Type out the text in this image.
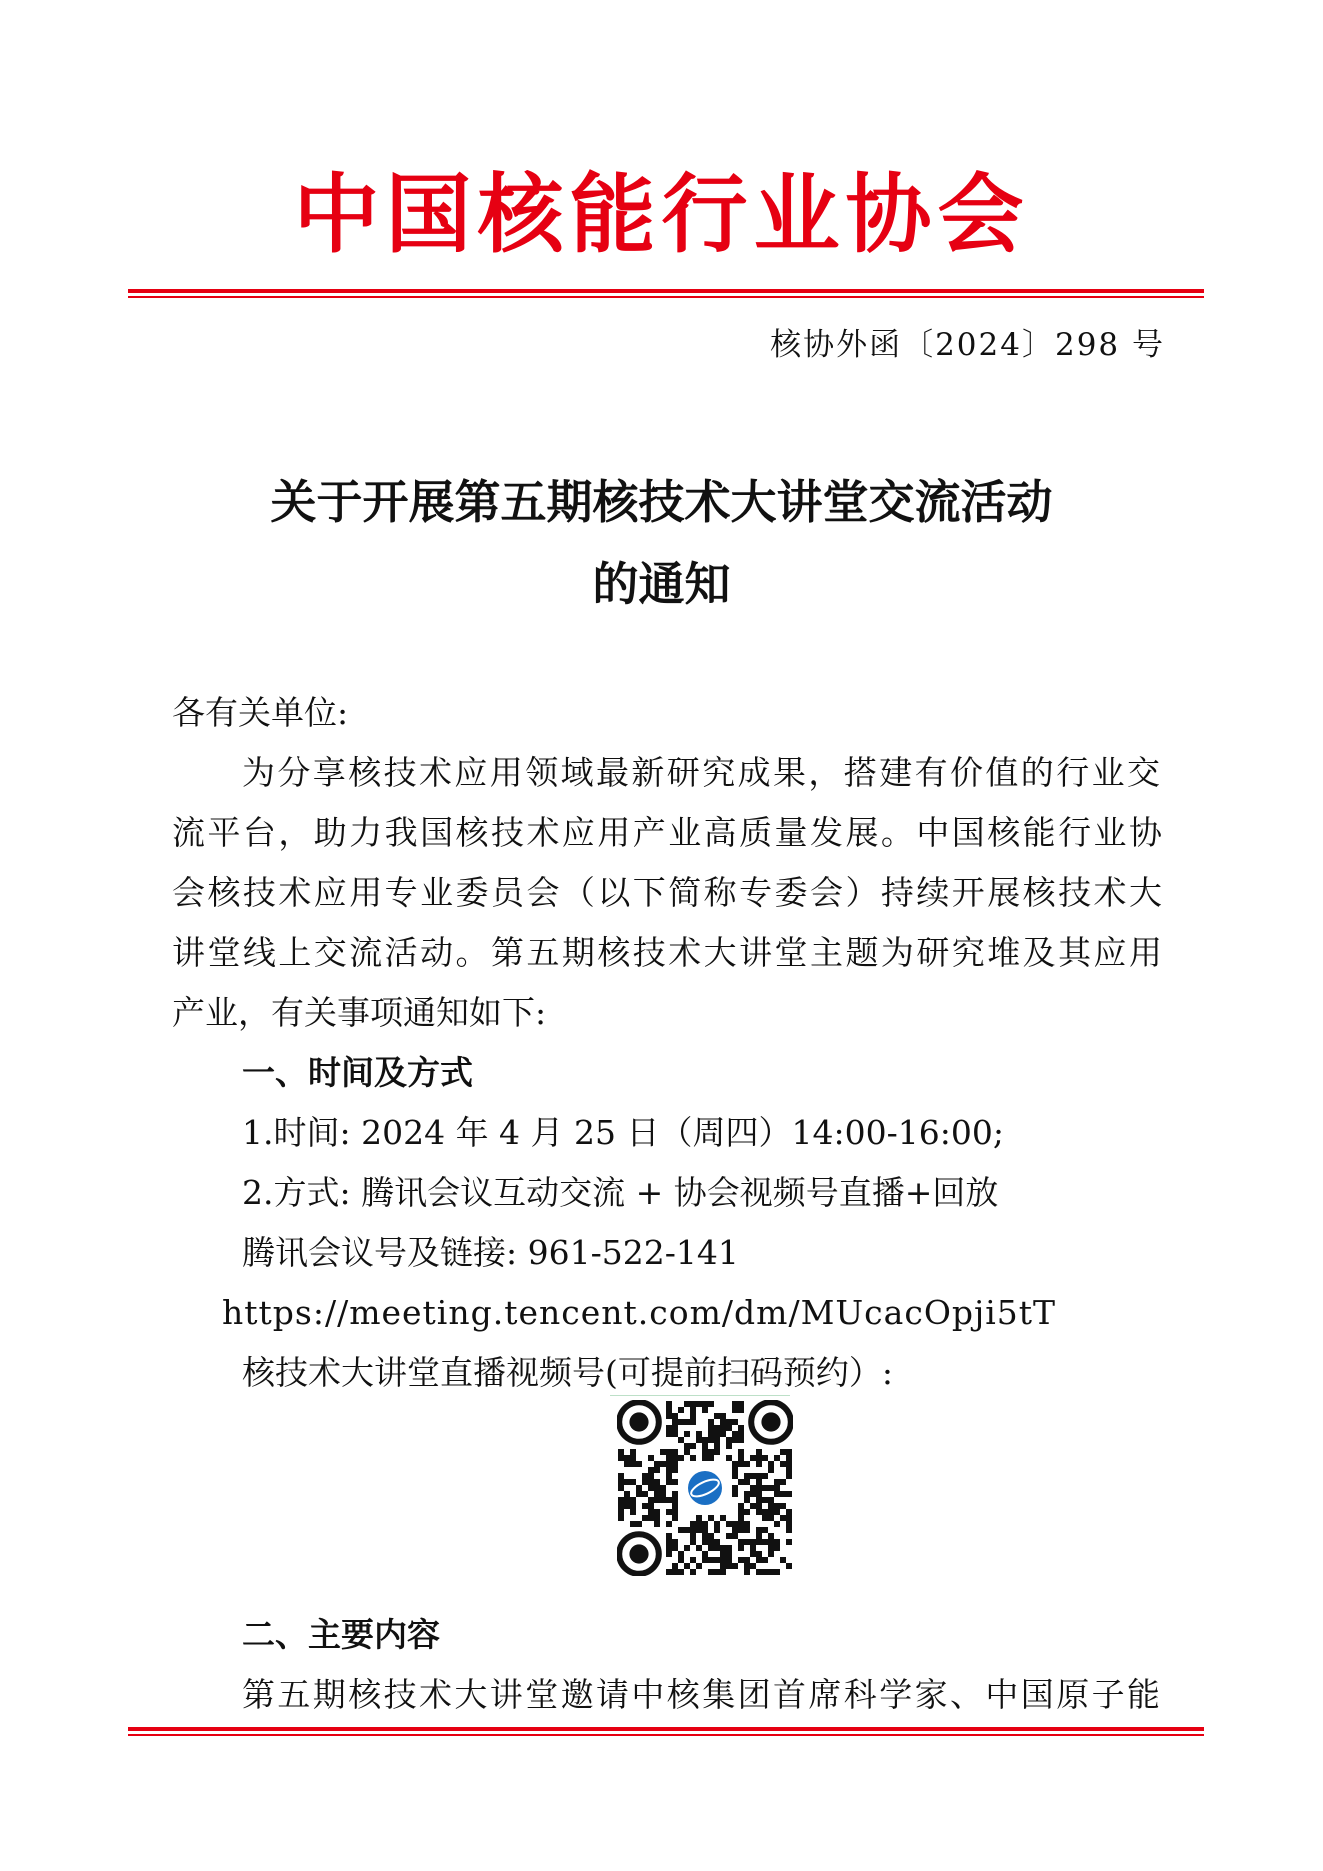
中国核能行业协会
核协外函〔2024〕298 号
关于开展第五期核技术大讲堂交流活动
的通知
各有关单位:
为分享核技术应用领域最新研究成果，搭建有价值的行业交
流平台，助力我国核技术应用产业高质量发展。中国核能行业协
会核技术应用专业委员会（以下简称专委会）持续开展核技术大
讲堂线上交流活动。第五期核技术大讲堂主题为研究堆及其应用
产业，有关事项通知如下:
一、时间及方式
1.时间: 2024 年 4 月 25 日（周四）14:00-16:00;
2.方式: 腾讯会议互动交流 + 协会视频号直播+回放
腾讯会议号及链接: 961-522-141
https://meeting.tencent.com/dm/MUcacOpji5tT
核技术大讲堂直播视频号(可提前扫码预约）:
二、主要内容
第五期核技术大讲堂邀请中核集团首席科学家、中国原子能
